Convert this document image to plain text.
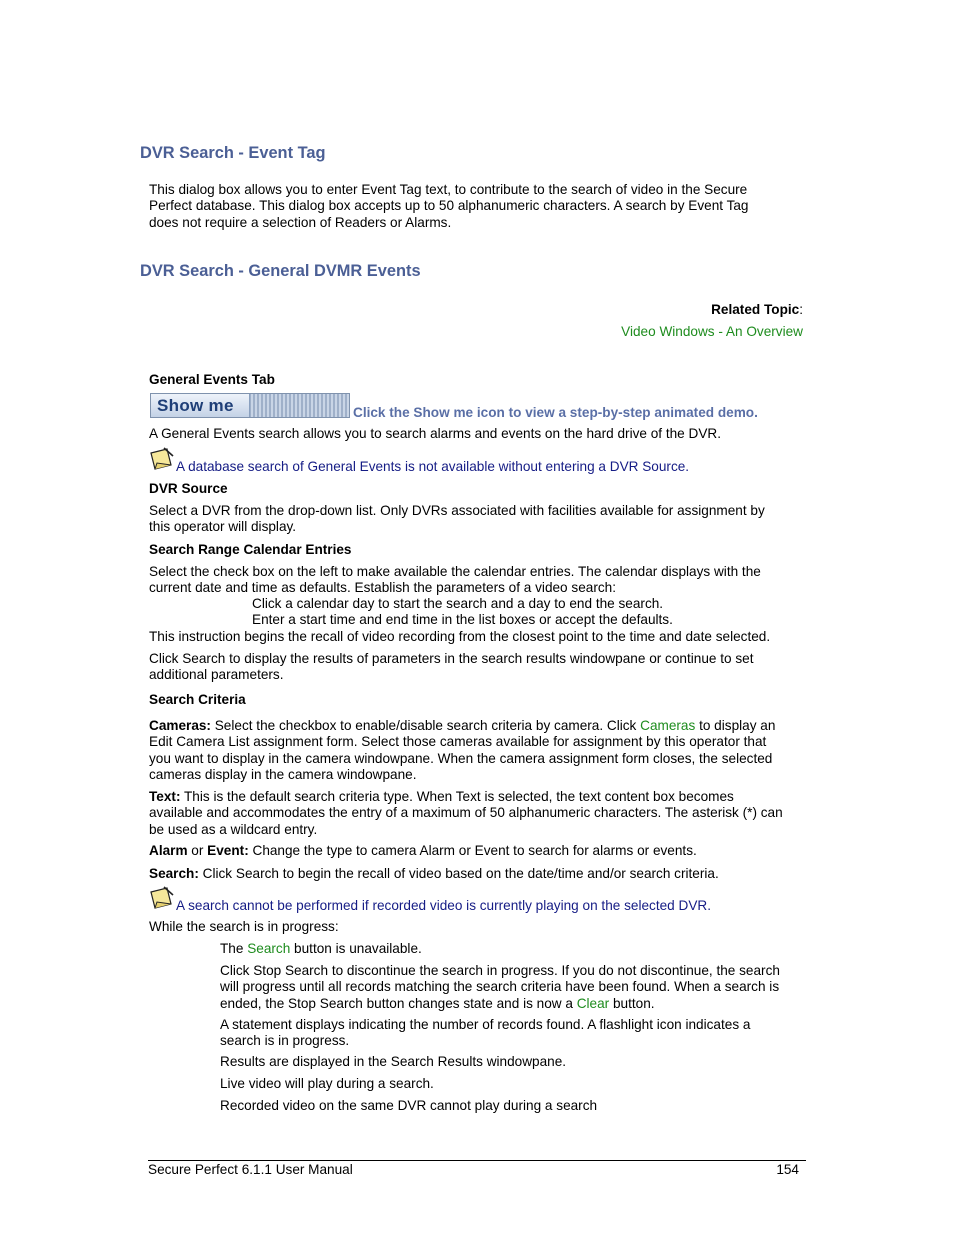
DVR Search - Event Tag

This dialog box allows you to enter Event Tag text, to contribute to the search of video in the Secure

Perfect database. This dialog box accepts up to 50 alphanumeric characters. A search by Event Tag

does not require a selection of Readers or Alarms.

DVR Search - General DVMR Events
Related Topic:
Video Windows - An Overview
General Events Tab
Show me	Click the Show me icon to view a step-by-step animated demo.
A General Events search allows you to search alarms and events on the hard drive of the DVR.
A database search of General Events is not available without entering a DVR Source.
DVR Source

Select a DVR from the drop-down list. Only DVRs associated with facilities available for assignment by

this operator will display.

Search Range Calendar Entries

Select the check box on the left to make available the calendar entries. The calendar displays with the

current date and time as defaults. Establish the parameters of a video search:

Click a calendar day to start the search and a day to end the search.

Enter a start time and end time in the list boxes or accept the defaults.

This instruction begins the recall of video recording from the closest point to the time and date selected.

Click Search to display the results of parameters in the search results windowpane or continue to set

additional parameters.

Search Criteria

Cameras: Select the checkbox to enable/disable search criteria by camera. Click Cameras to display an

Edit Camera List assignment form. Select those cameras available for assignment by this operator that

you want to display in the camera windowpane. When the camera assignment form closes, the selected

cameras display in the camera windowpane.

Text: This is the default search criteria type. When Text is selected, the text content box becomes

available and accommodates the entry of a maximum of 50 alphanumeric characters. The asterisk (*) can

be used as a wildcard entry.

Alarm or Event: Change the type to camera Alarm or Event to search for alarms or events.
Search: Click Search to begin the recall of video based on the date/time and/or search criteria.
A search cannot be performed if recorded video is currently playing on the selected DVR.
While the search is in progress:
The Search button is unavailable.

Click Stop Search to discontinue the search in progress. If you do not discontinue, the search

will progress until all records matching the search criteria have been found. When a search is

ended, the Stop Search button changes state and is now a Clear button.

A statement displays indicating the number of records found. A flashlight icon indicates a

search is in progress.

Results are displayed in the Search Results windowpane.
Live video will play during a search.
Recorded video on the same DVR cannot play during a search
Secure Perfect 6.1.1 User Manual	154
